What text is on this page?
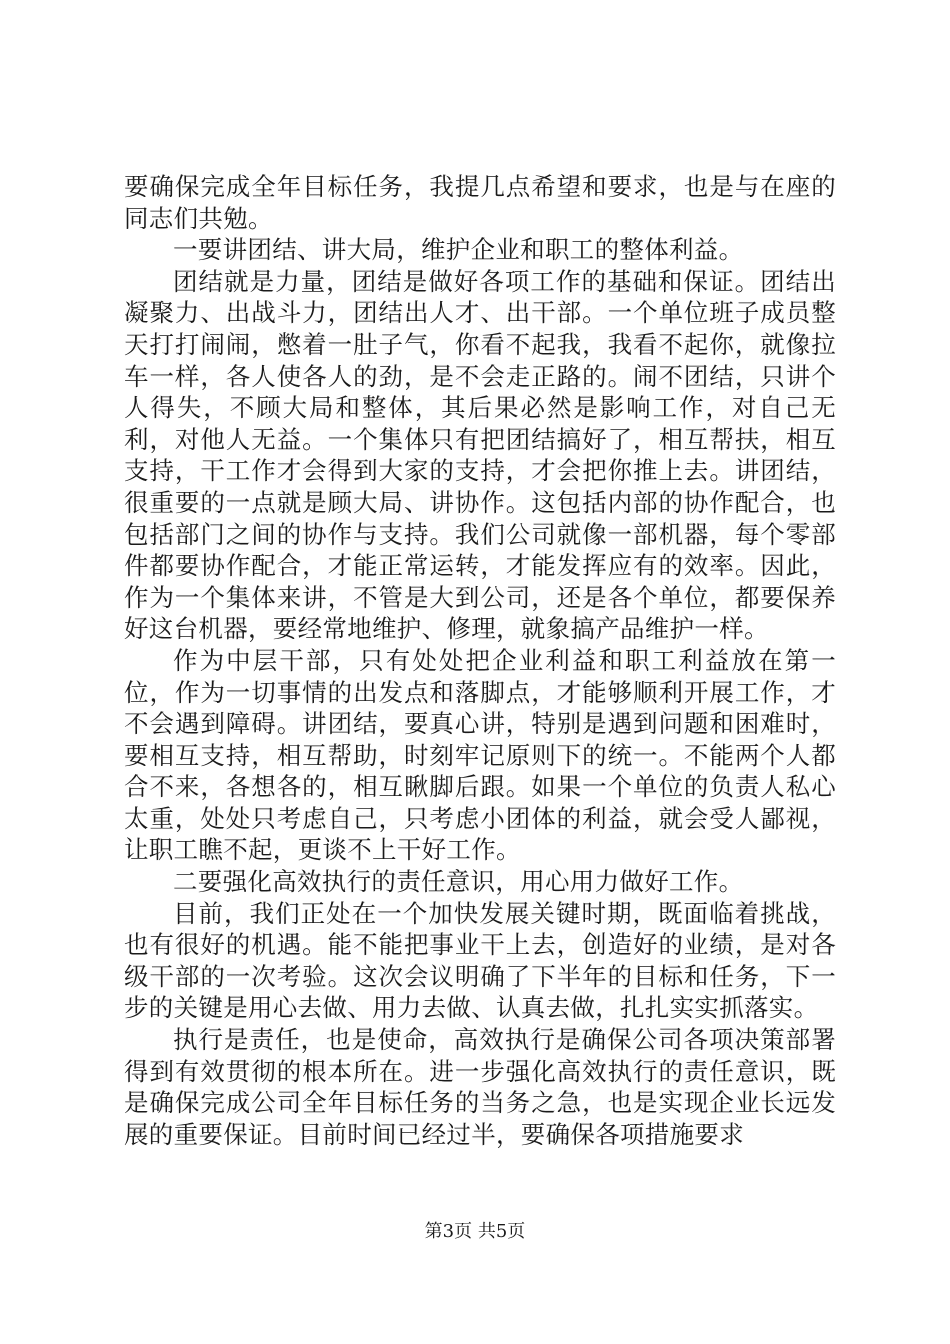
要确保完成全年目标任务，我提几点希望和要求，也是与在座的同志们共勉。

一要讲团结、讲大局，维护企业和职工的整体利益。

团结就是力量，团结是做好各项工作的基础和保证。团结出凝聚力、出战斗力，团结出人才、出干部。一个单位班子成员整天打打闹闹，憋着一肚子气，你看不起我，我看不起你，就像拉车一样，各人使各人的劲，是不会走正路的。闹不团结，只讲个人得失，不顾大局和整体，其后果必然是影响工作，对自己无利，对他人无益。一个集体只有把团结搞好了，相互帮扶，相互支持，干工作才会得到大家的支持，才会把你推上去。讲团结，很重要的一点就是顾大局、讲协作。这包括内部的协作配合，也包括部门之间的协作与支持。我们公司就像一部机器，每个零部件都要协作配合，才能正常运转，才能发挥应有的效率。因此，作为一个集体来讲，不管是大到公司，还是各个单位，都要保养好这台机器，要经常地维护、修理，就象搞产品维护一样。

作为中层干部，只有处处把企业利益和职工利益放在第一位，作为一切事情的出发点和落脚点，才能够顺利开展工作，才不会遇到障碍。讲团结，要真心讲，特别是遇到问题和困难时，要相互支持，相互帮助，时刻牢记原则下的统一。不能两个人都合不来，各想各的，相互瞅脚后跟。如果一个单位的负责人私心太重，处处只考虑自己，只考虑小团体的利益，就会受人鄙视，让职工瞧不起，更谈不上干好工作。

二要强化高效执行的责任意识，用心用力做好工作。

目前，我们正处在一个加快发展关键时期，既面临着挑战，也有很好的机遇。能不能把事业干上去，创造好的业绩，是对各级干部的一次考验。这次会议明确了下半年的目标和任务，下一步的关键是用心去做、用力去做、认真去做，扎扎实实抓落实。

执行是责任，也是使命，高效执行是确保公司各项决策部署得到有效贯彻的根本所在。进一步强化高效执行的责任意识，既是确保完成公司全年目标任务的当务之急，也是实现企业长远发展的重要保证。目前时间已经过半，要确保各项措施要求

第3页 共5页
